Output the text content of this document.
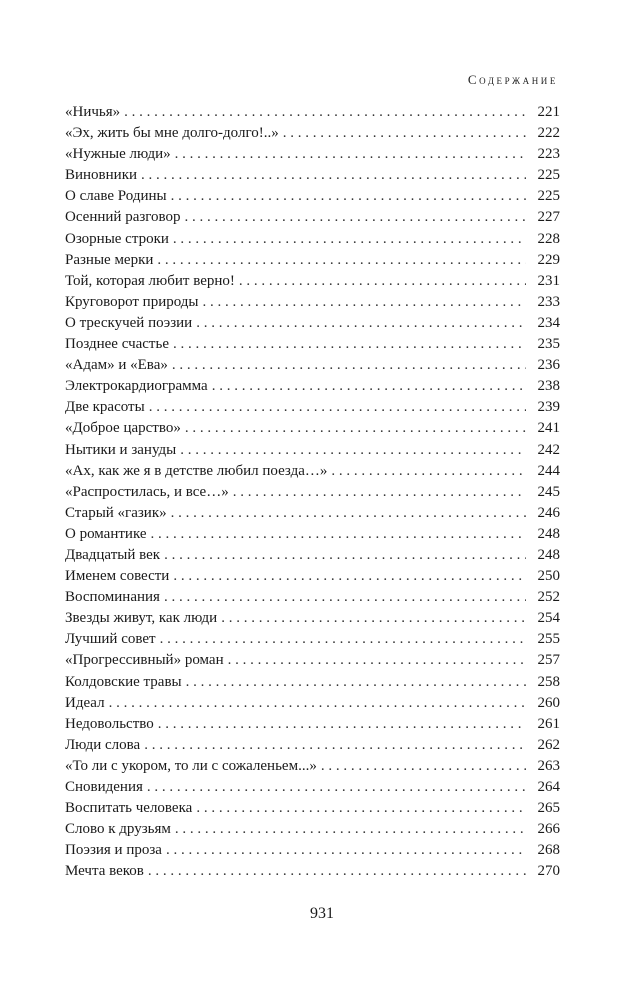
Содержание
«Ничья» . . .	221
«Эх, жить бы мне долго-долго!..» . . .	222
«Нужные люди» . . .	223
Виновники . . .	225
О славе Родины . . .	225
Осенний разговор . . .	227
Озорные строки . . .	228
Разные мерки . . .	229
Той, которая любит верно! . . .	231
Круговорот природы . . .	233
О трескучей поэзии . . .	234
Позднее счастье . . .	235
«Адам» и «Ева» . . .	236
Электрокардиограмма . . .	238
Две красоты . . .	239
«Доброе царство» . . .	241
Нытики и зануды . . .	242
«Ах, как же я в детстве любил поезда…» . . .	244
«Распростилась, и все…» . . .	245
Старый «газик» . . .	246
О романтике . . .	248
Двадцатый век . . .	248
Именем совести . . .	250
Воспоминания . . .	252
Звезды живут, как люди . . .	254
Лучший совет . . .	255
«Прогрессивный» роман . . .	257
Колдовские травы . . .	258
Идеал . . .	260
Недовольство . . .	261
Люди слова . . .	262
«То ли с укором, то ли с сожаленьем...» . . .	263
Сновидения . . .	264
Воспитать человека . . .	265
Слово к друзьям . . .	266
Поэзия и проза . . .	268
Мечта веков . . .	270
931
